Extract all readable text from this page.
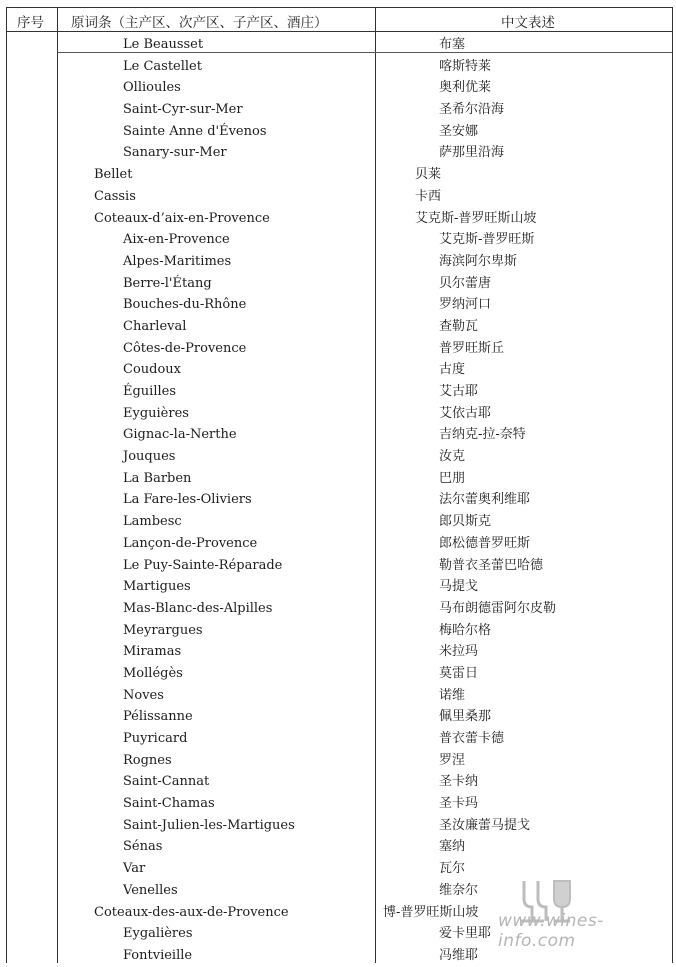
序号 原词条（主产区、次产区、子产区、酒庄）	中文表述
Le Beausset	布塞
Le Castellet	喀斯特莱
Ollioules	奥利优莱
Saint-Cyr-sur-Mer	圣希尔沿海
Sainte Anne d'Évenos	圣安娜
Sanary-sur-Mer	萨那里沿海
Bellet	贝莱
Cassis	卡西
Coteaux-d’aix-en-Provence	艾克斯-普罗旺斯山坡
Aix-en-Provence	艾克斯-普罗旺斯
Alpes-Maritimes	海滨阿尔卑斯
Berre-l'Étang	贝尔蕾唐
Bouches-du-Rhône	罗纳河口
Charleval	查勒瓦
Côtes-de-Provence	普罗旺斯丘
Coudoux	古度
Éguilles	艾古耶
Eyguières	艾依古耶
Gignac-la-Nerthe	吉纳克-拉-奈特
Jouques	汝克
La Barben	巴朋
La Fare-les-Oliviers	法尔蕾奥利维耶
Lambesc	郎贝斯克
Lançon-de-Provence	郎松德普罗旺斯
Le Puy-Sainte-Réparade	勒普衣圣蕾巴哈德
Martigues	马提戈
Mas-Blanc-des-Alpilles	马布朗德雷阿尔皮勒
Meyrargues	梅哈尔格
Miramas	米拉玛
Mollégès	莫雷日
Noves	诺维
Pélissanne	佩里桑那
Puyricard	普衣蕾卡德
Rognes	罗涅
Saint-Cannat	圣卡纳
Saint-Chamas	圣卡玛
Saint-Julien-les-Martigues	圣汝廉蕾马提戈
Sénas	塞纳
Var	瓦尔
Venelles	维奈尔
Coteaux-des-aux-de-Provence	博-普罗旺斯山坡
Eygalières	爱卡里耶
Fontvieille	冯维耶
www.wines-info.com
